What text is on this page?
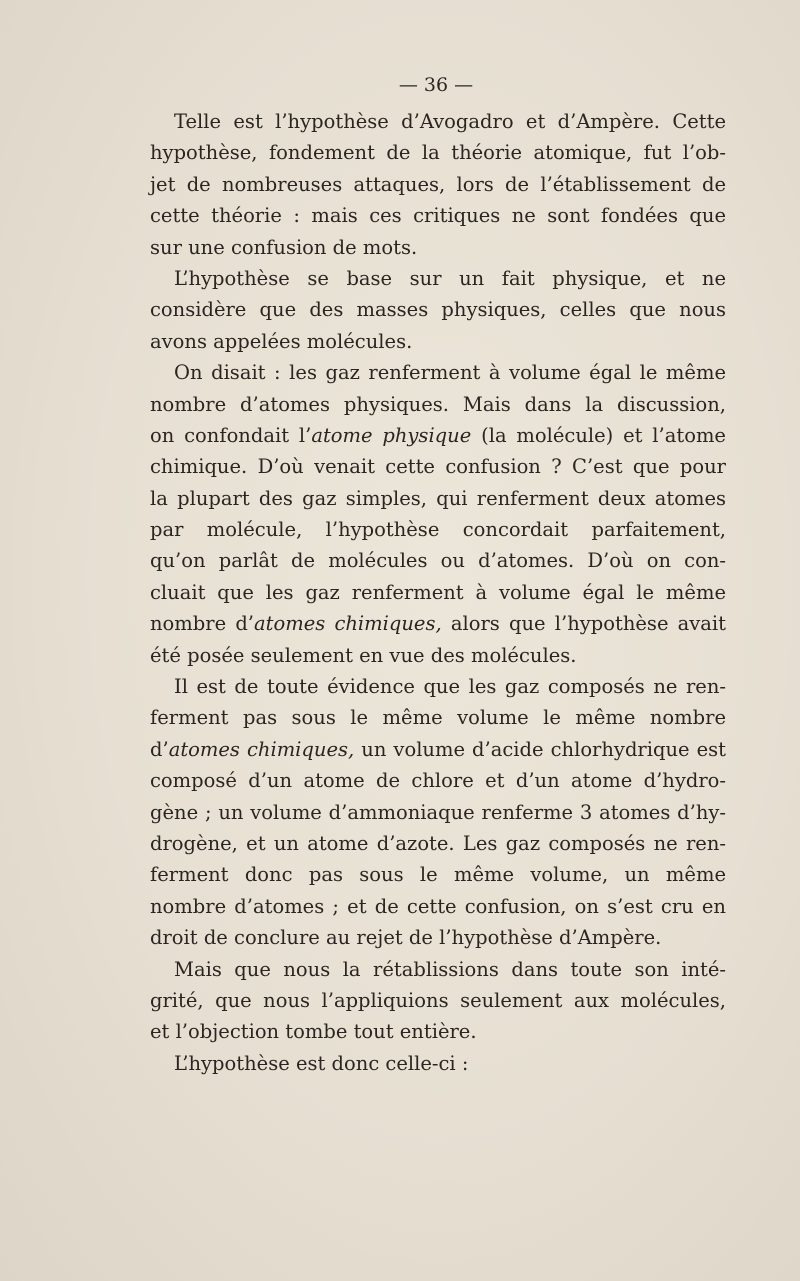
— 36 —
Telle est l’hypothèse d’Avogadro et d’Ampère. Cette
hypothèse, fondement de la théorie atomique, fut l’ob-
jet de nombreuses attaques, lors de l’établissement de
cette théorie : mais ces critiques ne sont fondées que
sur une confusion de mots.
L’hypothèse se base sur un fait physique, et ne
considère que des masses physiques, celles que nous
avons appelées molécules.
On disait : les gaz renferment à volume égal le même
nombre d’atomes physiques. Mais dans la discussion,
on confondait l’atome physique (la molécule) et l’atome
chimique. D’où venait cette confusion ? C’est que pour
la plupart des gaz simples, qui renferment deux atomes
par molécule, l’hypothèse concordait parfaitement,
qu’on parlât de molécules ou d’atomes. D’où on con-
cluait que les gaz renferment à volume égal le même
nombre d’atomes chimiques, alors que l’hypothèse avait
été posée seulement en vue des molécules.
Il est de toute évidence que les gaz composés ne ren-
ferment pas sous le même volume le même nombre
d’atomes chimiques, un volume d’acide chlorhydrique est
composé d’un atome de chlore et d’un atome d’hydro-
gène ; un volume d’ammoniaque renferme 3 atomes d’hy-
drogène, et un atome d’azote. Les gaz composés ne ren-
ferment donc pas sous le même volume, un même
nombre d’atomes ; et de cette confusion, on s’est cru en
droit de conclure au rejet de l’hypothèse d’Ampère.
Mais que nous la rétablissions dans toute son inté-
grité, que nous l’appliquions seulement aux molécules,
et l’objection tombe tout entière.
L’hypothèse est donc celle-ci :
